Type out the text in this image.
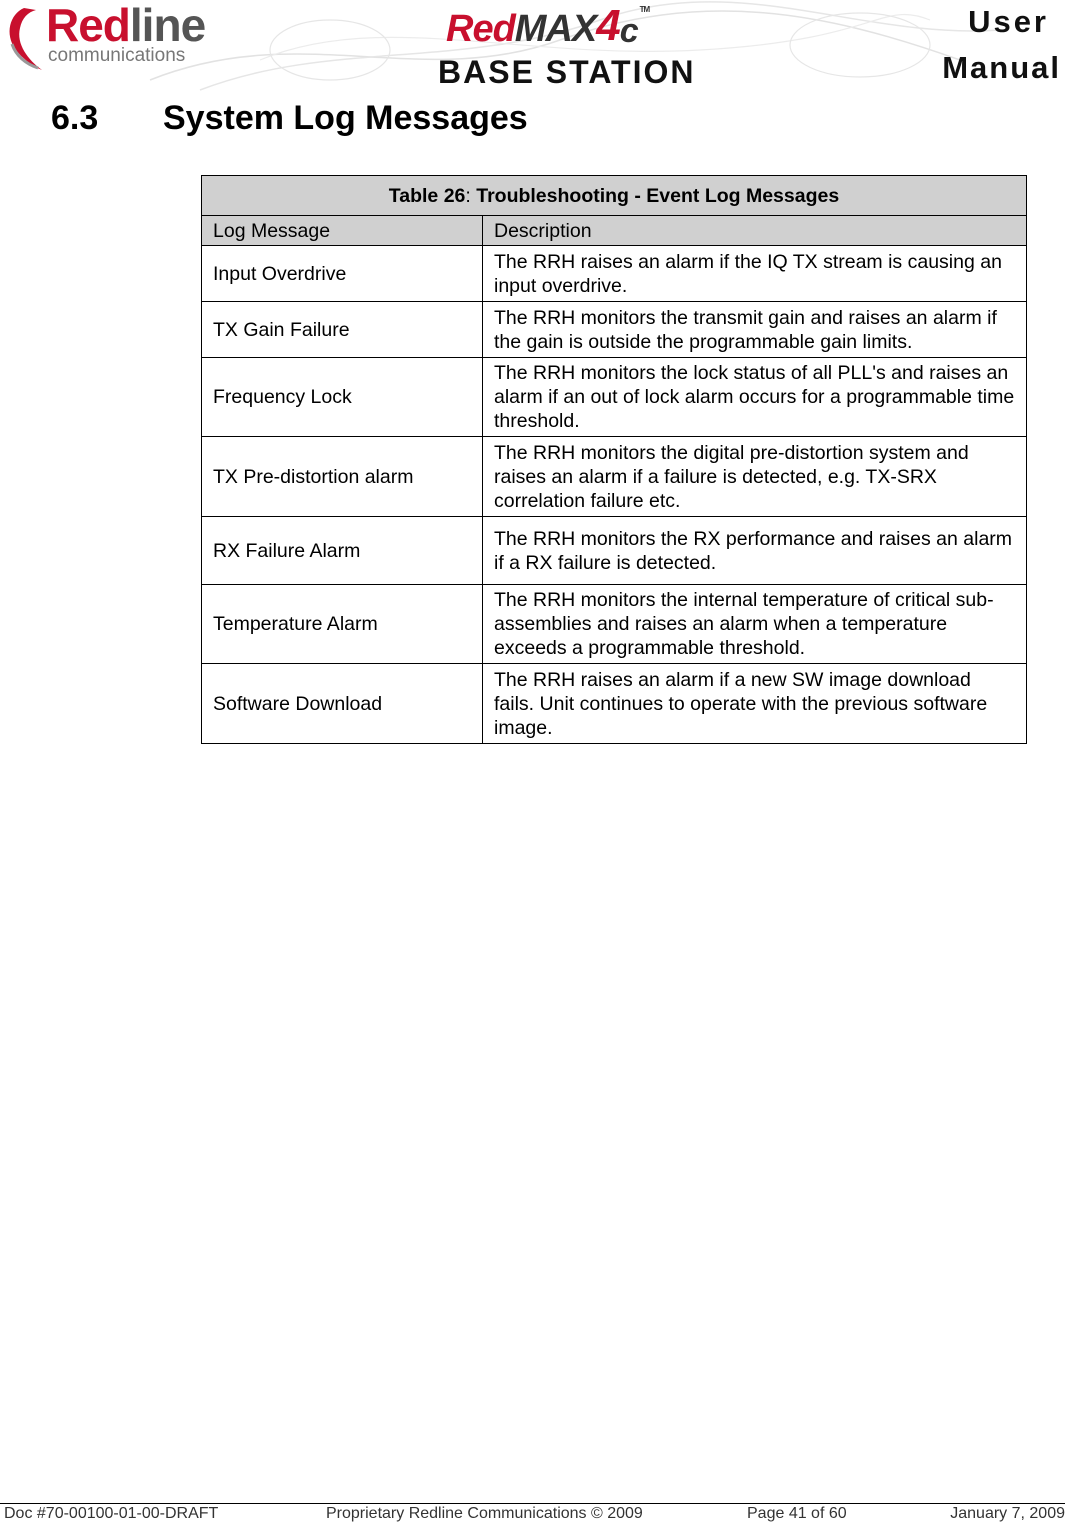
Redline
communications
Red MAX 4 c
TM
BASE STATION
User
Manual
6.3 System Log Messages
Table 26: Troubleshooting - Event Log Messages	
Log Message	Description
Input Overdrive	The RRH raises an alarm if the IQ TX stream is causing an input overdrive.
TX Gain Failure	The RRH monitors the transmit gain and raises an alarm if the gain is outside the programmable gain limits.
Frequency Lock	The RRH monitors the lock status of all PLL's and raises an alarm if an out of lock alarm occurs for a programmable time threshold.
TX Pre-distortion alarm	The RRH monitors the digital pre-distortion system and raises an alarm if a failure is detected, e.g. TX-SRX correlation failure etc.
RX Failure Alarm	The RRH monitors the RX performance and raises an alarm if a RX failure is detected.
Temperature Alarm	The RRH monitors the internal temperature of critical sub-assemblies and raises an alarm when a temperature exceeds a programmable threshold.
Software Download	The RRH raises an alarm if a new SW image download fails. Unit continues to operate with the previous software image.
Doc #70-00100-01-00-DRAFT	Proprietary Redline Communications © 2009	Page 41 of 60	January 7, 2009
